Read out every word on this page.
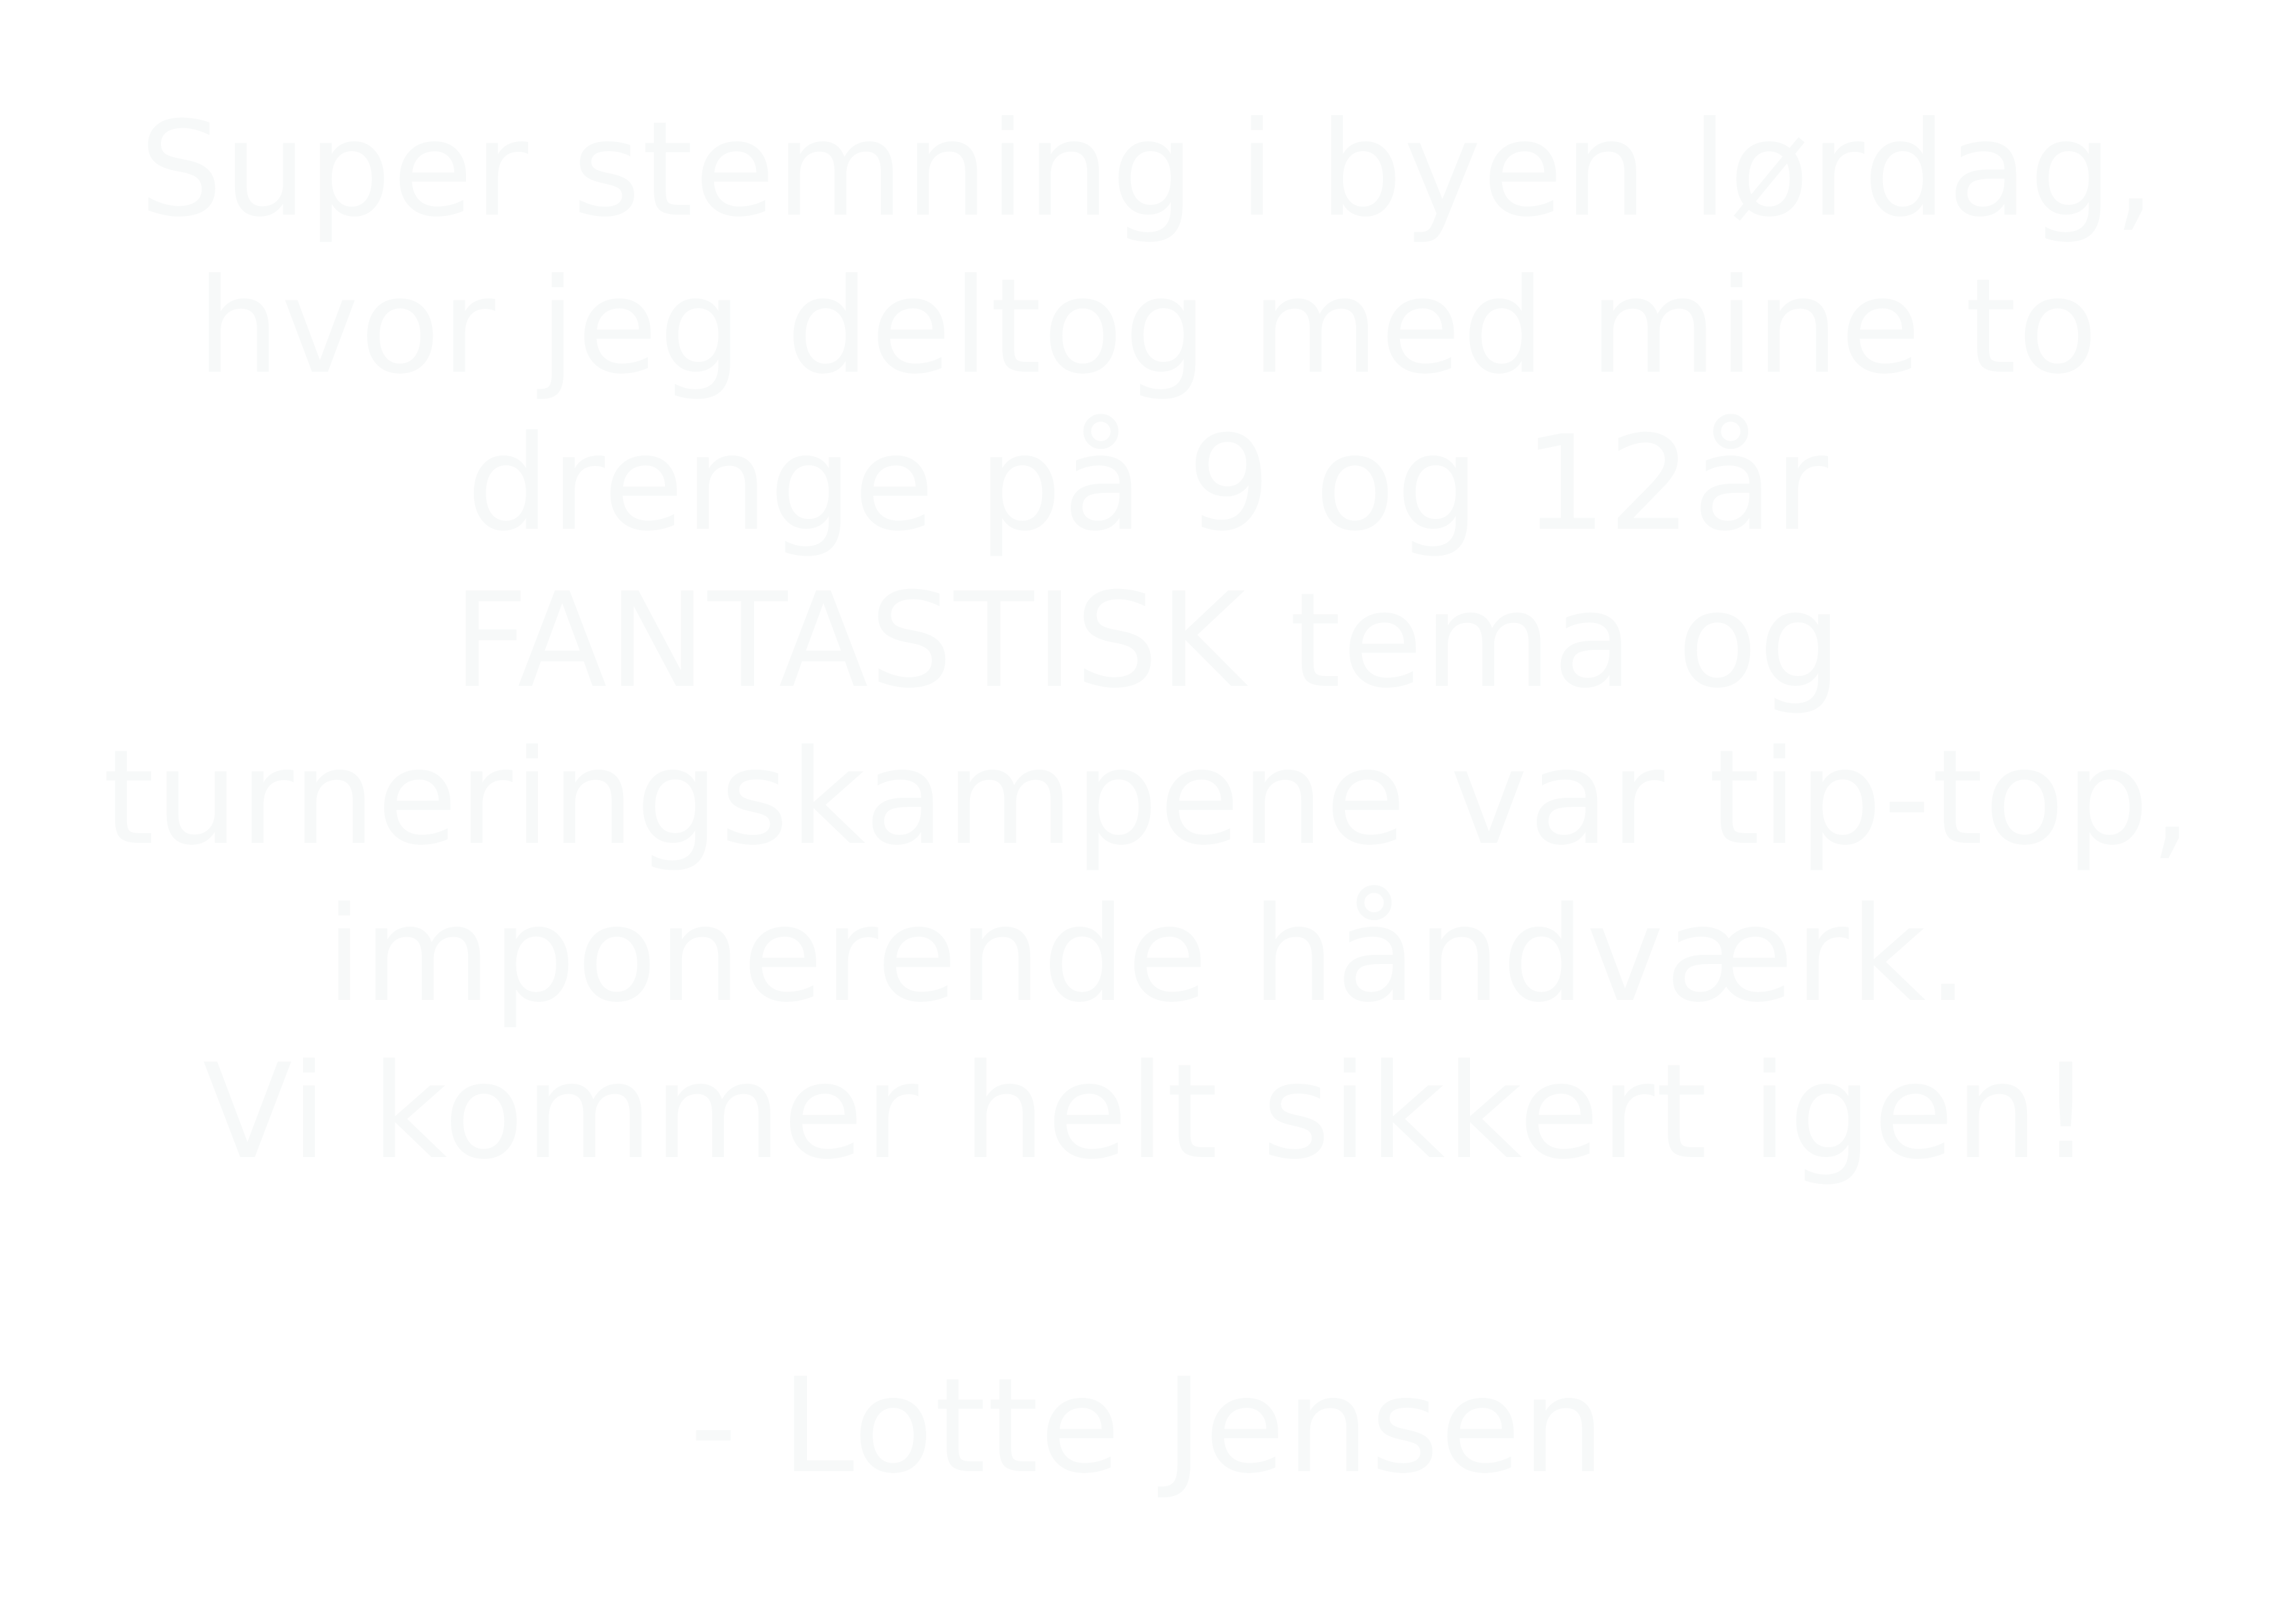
Super stemning i byen lørdag,
hvor jeg deltog med mine to
drenge på 9 og 12år
FANTASTISK tema og
turneringskampene var tip-top,
imponerende håndværk.
Vi kommer helt sikkert igen!
- Lotte Jensen
